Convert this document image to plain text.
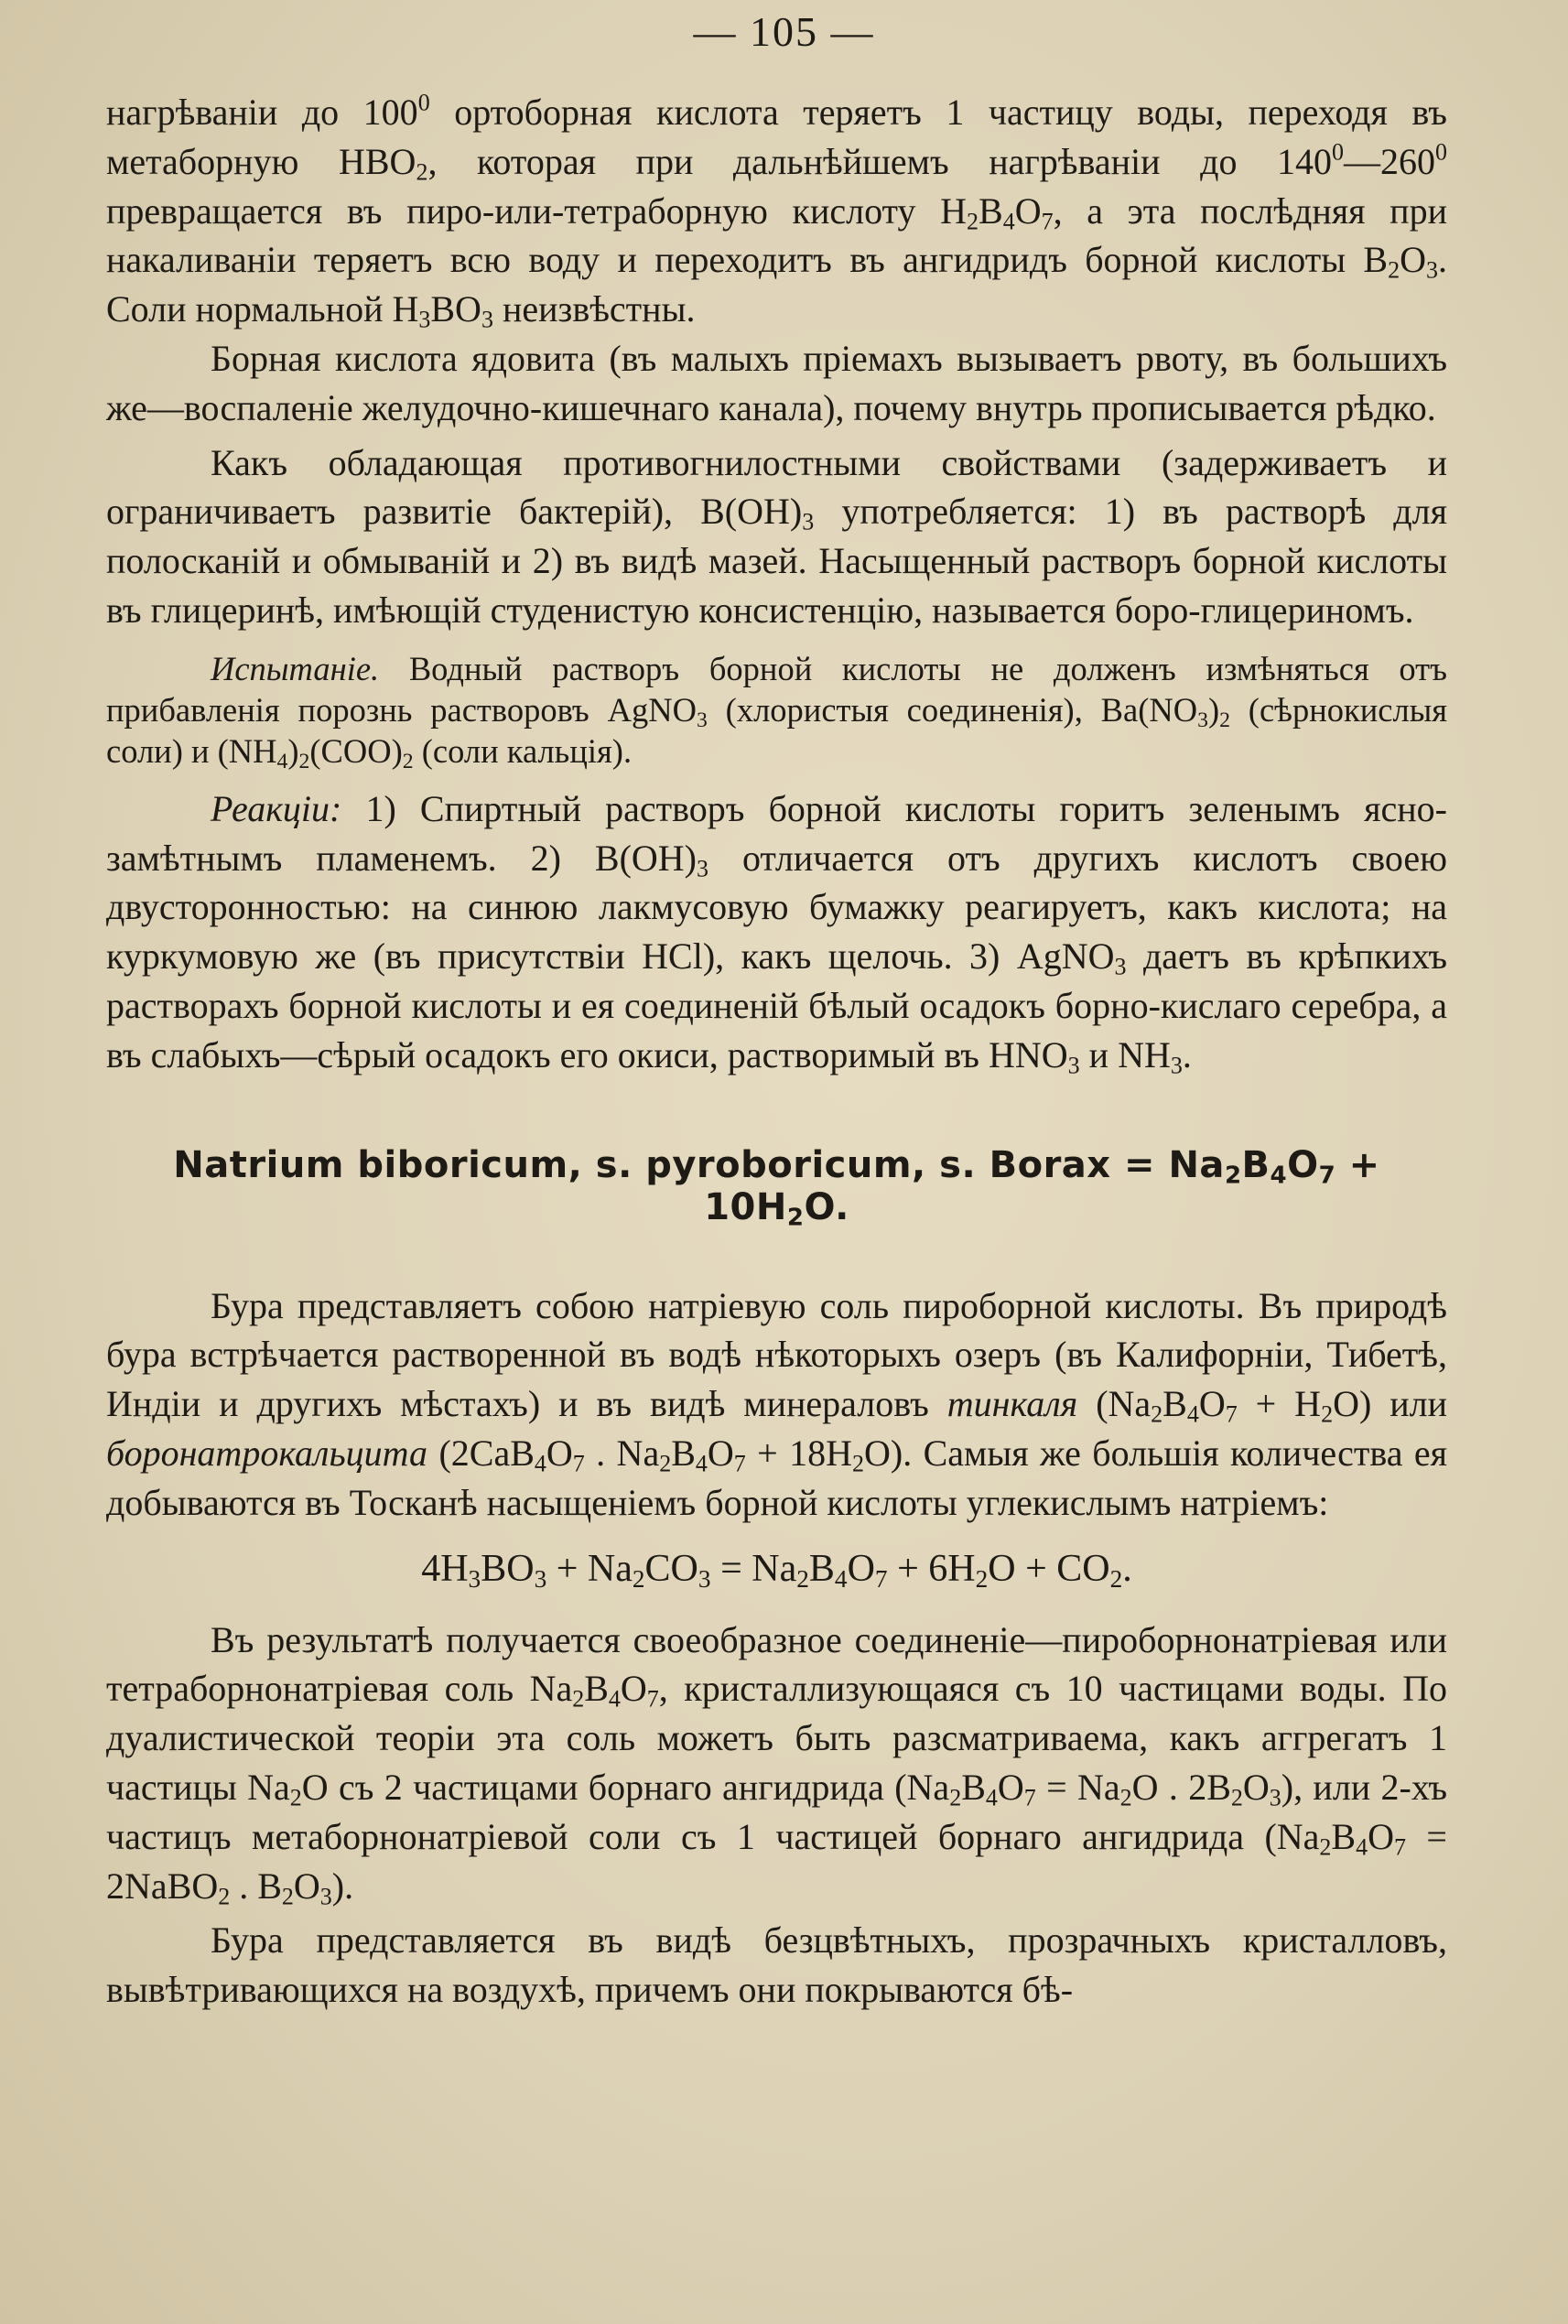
— 105 —

нагрѣваніи до $100^0$ ортоборная кислота теряетъ 1 частицу воды, переходя въ метаборную $HBO_2$, которая при дальнѣйшемъ нагрѣваніи до $140^0—260^0$ превращается въ пиро-или-тетраборную кислоту $H_2B_4O_7$, а эта послѣдняя при накаливаніи теряетъ всю воду и переходитъ въ ангидридъ борной кислоты $B_2O_3$. Соли нормальной $H_3BO_3$ неизвѣстны.

Борная кислота ядовита (въ малыхъ пріемахъ вызываетъ рвоту, въ большихъ же—воспаленіе желудочно-кишечнаго канала), почему внутрь прописывается рѣдко.

Какъ обладающая противогнилостными свойствами (задерживаетъ и ограничиваетъ развитіе бактерій), $B(OH)_3$ употребляется: 1) въ растворѣ для полосканій и обмываній и 2) въ видѣ мазей. Насыщенный растворъ борной кислоты въ глицеринѣ, имѣющій студенистую консистенцію, называется боро-глицериномъ.

Испытаніе. Водный растворъ борной кислоты не долженъ измѣняться отъ прибавленія порознь растворовъ AgNO$_3$ (хлористыя соединенія), $Ba(NO_3)_2$ (сѣрнокислыя соли) и $(NH_4)_2(COO)_2$ (соли кальція).

Реакціи: 1) Спиртный растворъ борной кислоты горитъ зеленымъ ясно-замѣтнымъ пламенемъ. 2) $B(OH)_3$ отличается отъ другихъ кислотъ своею двусторонностью: на синюю лакмусовую бумажку реагируетъ, какъ кислота; на куркумовую же (въ присутствіи HCl), какъ щелочь. 3) AgNO$_3$ даетъ въ крѣпкихъ растворахъ борной кислоты и ея соединеній бѣлый осадокъ борно-кислаго серебра, а въ слабыхъ—сѣрый осадокъ его окиси, растворимый въ $HNO_3$ и $NH_3$.

Natrium biboricum, s. pyroboricum, s. Borax = $Na_2B_4O_7 + 10H_2O$.

Бура представляетъ собою натріевую соль пироборной кислоты. Въ природѣ бура встрѣчается растворенной въ водѣ нѣкоторыхъ озеръ (въ Калифорніи, Тибетѣ, Индіи и другихъ мѣстахъ) и въ видѣ минераловъ тинкаля $(Na_2B_4O_7 + H_2O)$ или боронатрокальцита ($2CaB_4O_7$ . $Na_2B_4O_7 + 18H_2O$). Самыя же большія количества ея добываются въ Тосканѣ насыщеніемъ борной кислоты углекислымъ натріемъ:

$4H_3BO_3 + Na_2CO_3 = Na_2B_4O_7 + 6H_2O + CO_2$.

Въ результатѣ получается своеобразное соединеніе—пироборнонатріевая или тетраборнонатріевая соль $Na_2B_4O_7$, кристаллизующаяся съ 10 частицами воды. По дуалистической теоріи эта соль можетъ быть разсматриваема, какъ аггрегатъ 1 частицы $Na_2O$ съ 2 частицами борнаго ангидрида ($Na_2B_4O_7 = Na_2O$ . $2B_2O_3$), или 2-хъ частицъ метаборнонатріевой соли съ 1 частицей борнаго ангидрида ($Na_2B_4O_7$ = 2NaBO$_2$ . $B_2O_3$).

Бура представляется въ видѣ безцвѣтныхъ, прозрачныхъ кристалловъ, вывѣтривающихся на воздухѣ, причемъ они покрываются бѣ-
